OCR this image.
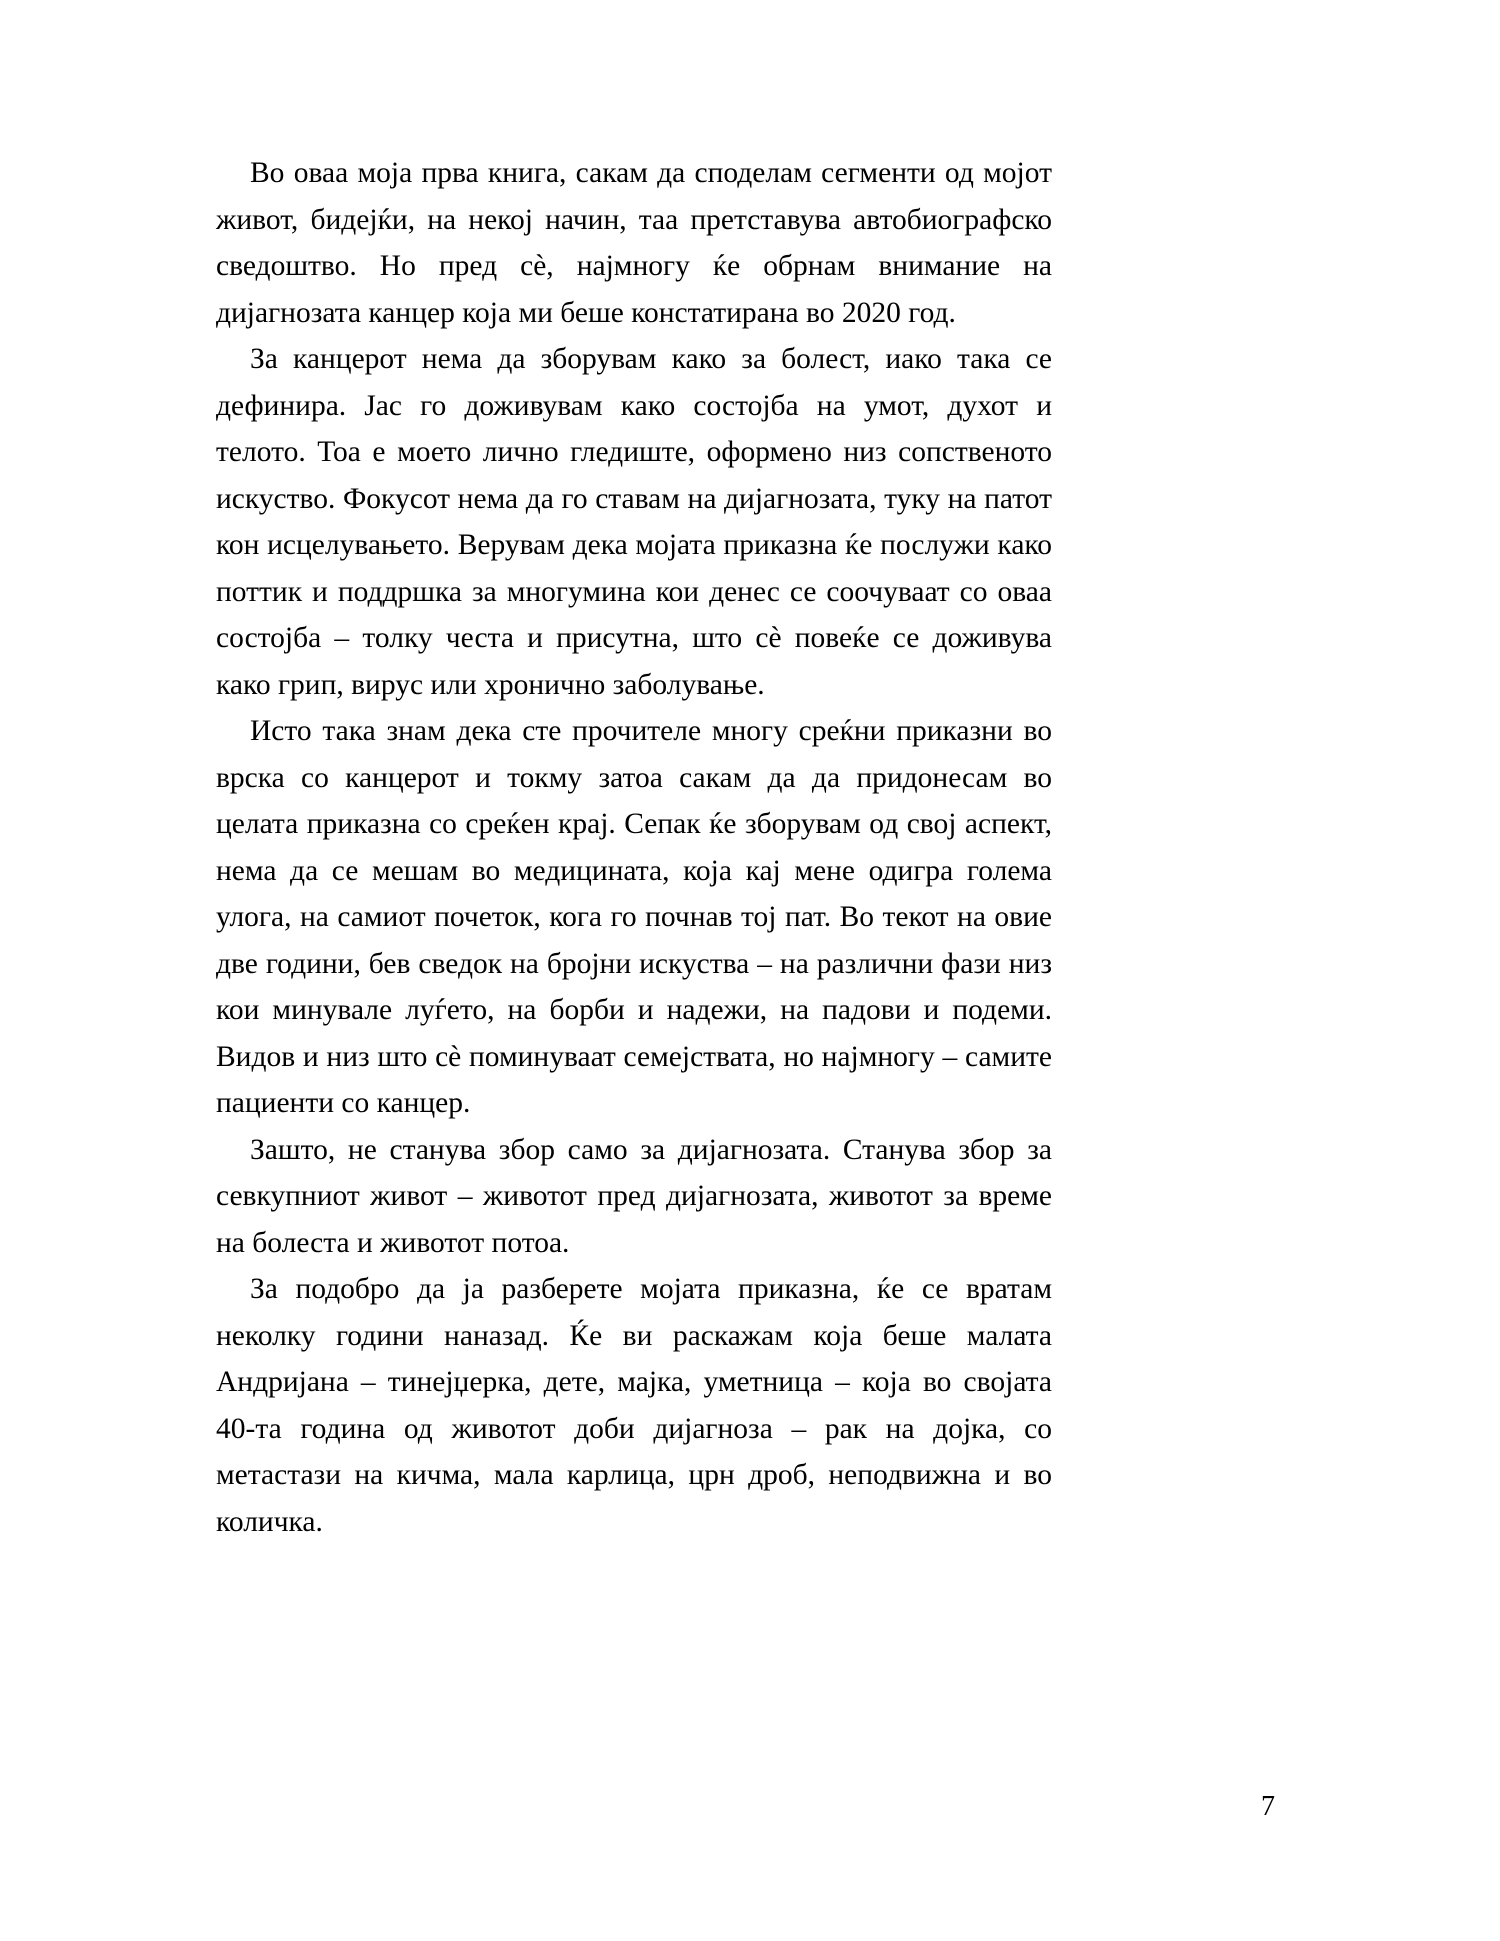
Во оваа моја прва книга, сакам да споделам сегменти од мојот живот, бидејќи, на некој начин, таа претставува автобиографско сведоштво. Но пред сѐ, најмногу ќе обрнам внимание на дијагнозата канцер која ми беше констатирана во 2020 год.

За канцерот нема да зборувам како за болест, иако така се дефинира. Јас го доживувам како состојба на умот, духот и телото. Тоа е моето лично гледиште, оформено низ сопственото искуство. Фокусот нема да го ставам на дијагнозата, туку на патот кон исцелувањето. Верувам дека мојата приказна ќе послужи како поттик и поддршка за многумина кои денес се соочуваат со оваа состојба – толку честа и присутна, што сѐ повеќе се доживува како грип, вирус или хронично заболување.

Исто така знам дека сте прочителе многу среќни приказни во врска со канцерот и токму затоа сакам да да придонесам во целата приказна со среќен крај. Сепак ќе зборувам од свој аспект, нема да се мешам во медицината, која кај мене одигра голема улога, на самиот почеток, кога го почнав тој пат. Во текот на овие две години, бев сведок на бројни искуства – на различни фази низ кои минувале луѓето, на борби и надежи, на падови и подеми. Видов и низ што сѐ поминуваат семејствата, но најмногу – самите пациенти со канцер.

Зашто, не станува збор само за дијагнозата. Станува збор за севкупниот живот – животот пред дијагнозата, животот за време на болеста и животот потоа.

За подобро да ја разберете мојата приказна, ќе се вратам неколку години наназад. Ќе ви раскажам која беше малата Андријана – тинејџерка, дете, мајка, уметница – која во својата 40-та година од животот доби дијагноза – рак на дојка, со метастази на кичма, мала карлица, црн дроб, неподвижна и во количка.

7
